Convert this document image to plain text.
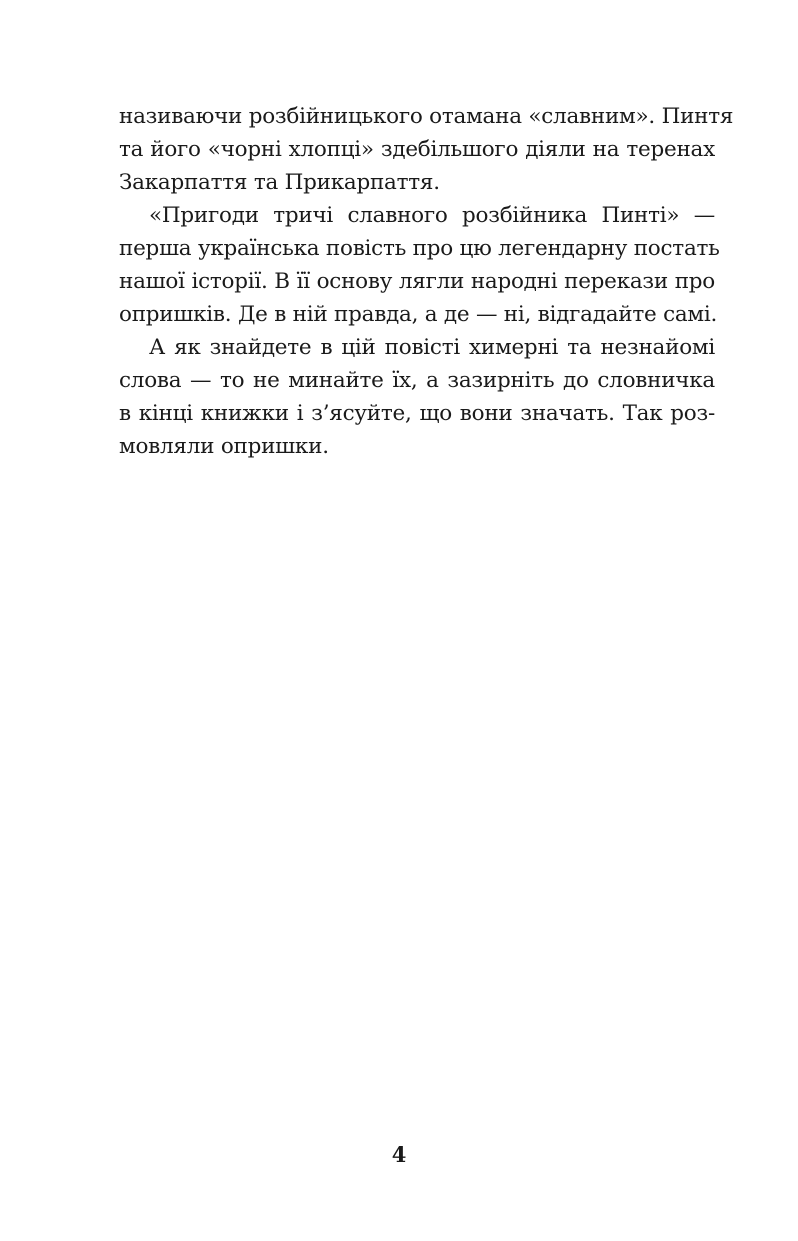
називаючи розбійницького отамана «славним». Пинтя
та його «чорні хлопці» здебільшого діяли на теренах
Закарпаття та Прикарпаття.
«Пригоди тричі славного розбійника Пинті» —
перша українська повість про цю легендарну постать
нашої історії. В її основу лягли народні перекази про
опришків. Де в ній правда, а де — ні, відгадайте самі.
А як знайдете в цій повісті химерні та незнайомі
слова — то не минайте їх, а зазирніть до словничка
в кінці книжки і з’ясуйте, що вони значать. Так роз-
мовляли опришки.
4
